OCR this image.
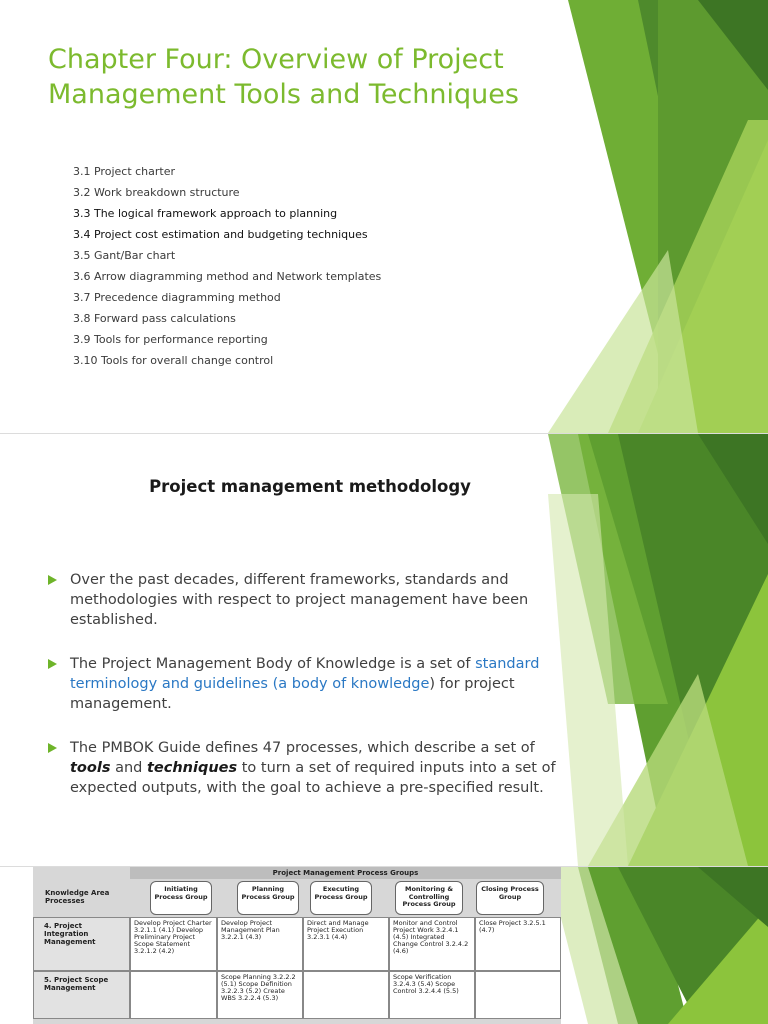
Chapter Four: Overview of Project Management Tools and Techniques
3.1 Project charter
3.2 Work breakdown structure
3.3 The logical framework approach to planning
3.4 Project cost estimation and budgeting techniques
3.5 Gant/Bar chart
3.6 Arrow diagramming method and Network templates
3.7 Precedence diagramming method
3.8 Forward pass calculations
3.9 Tools for performance reporting
3.10 Tools for overall change control
Project management methodology
Over the past decades, different frameworks, standards and methodologies with respect to project management have been established.
The Project Management Body of Knowledge is a set of standard terminology and guidelines (a body of knowledge) for project management.
The PMBOK Guide defines 47 processes, which describe a set of tools and techniques to turn a set of required inputs into a set of expected outputs, with the goal to achieve a pre-specified result.
Project Management Process Groups
Knowledge Area Processes
Initiating Process Group
Planning Process Group
Executing Process Group
Monitoring & Controlling Process Group
Closing Process Group
4. Project Integration Management
Develop Project Charter 3.2.1.1 (4.1) Develop Preliminary Project Scope Statement 3.2.1.2 (4.2)
Develop Project Management Plan 3.2.2.1 (4.3)
Direct and Manage Project Execution 3.2.3.1 (4.4)
Monitor and Control Project Work 3.2.4.1 (4.5) Integrated Change Control 3.2.4.2 (4.6)
Close Project 3.2.5.1 (4.7)
5. Project Scope Management
Scope Planning 3.2.2.2 (5.1) Scope Definition 3.2.2.3 (5.2) Create WBS 3.2.2.4 (5.3)
Scope Verification 3.2.4.3 (5.4) Scope Control 3.2.4.4 (5.5)
